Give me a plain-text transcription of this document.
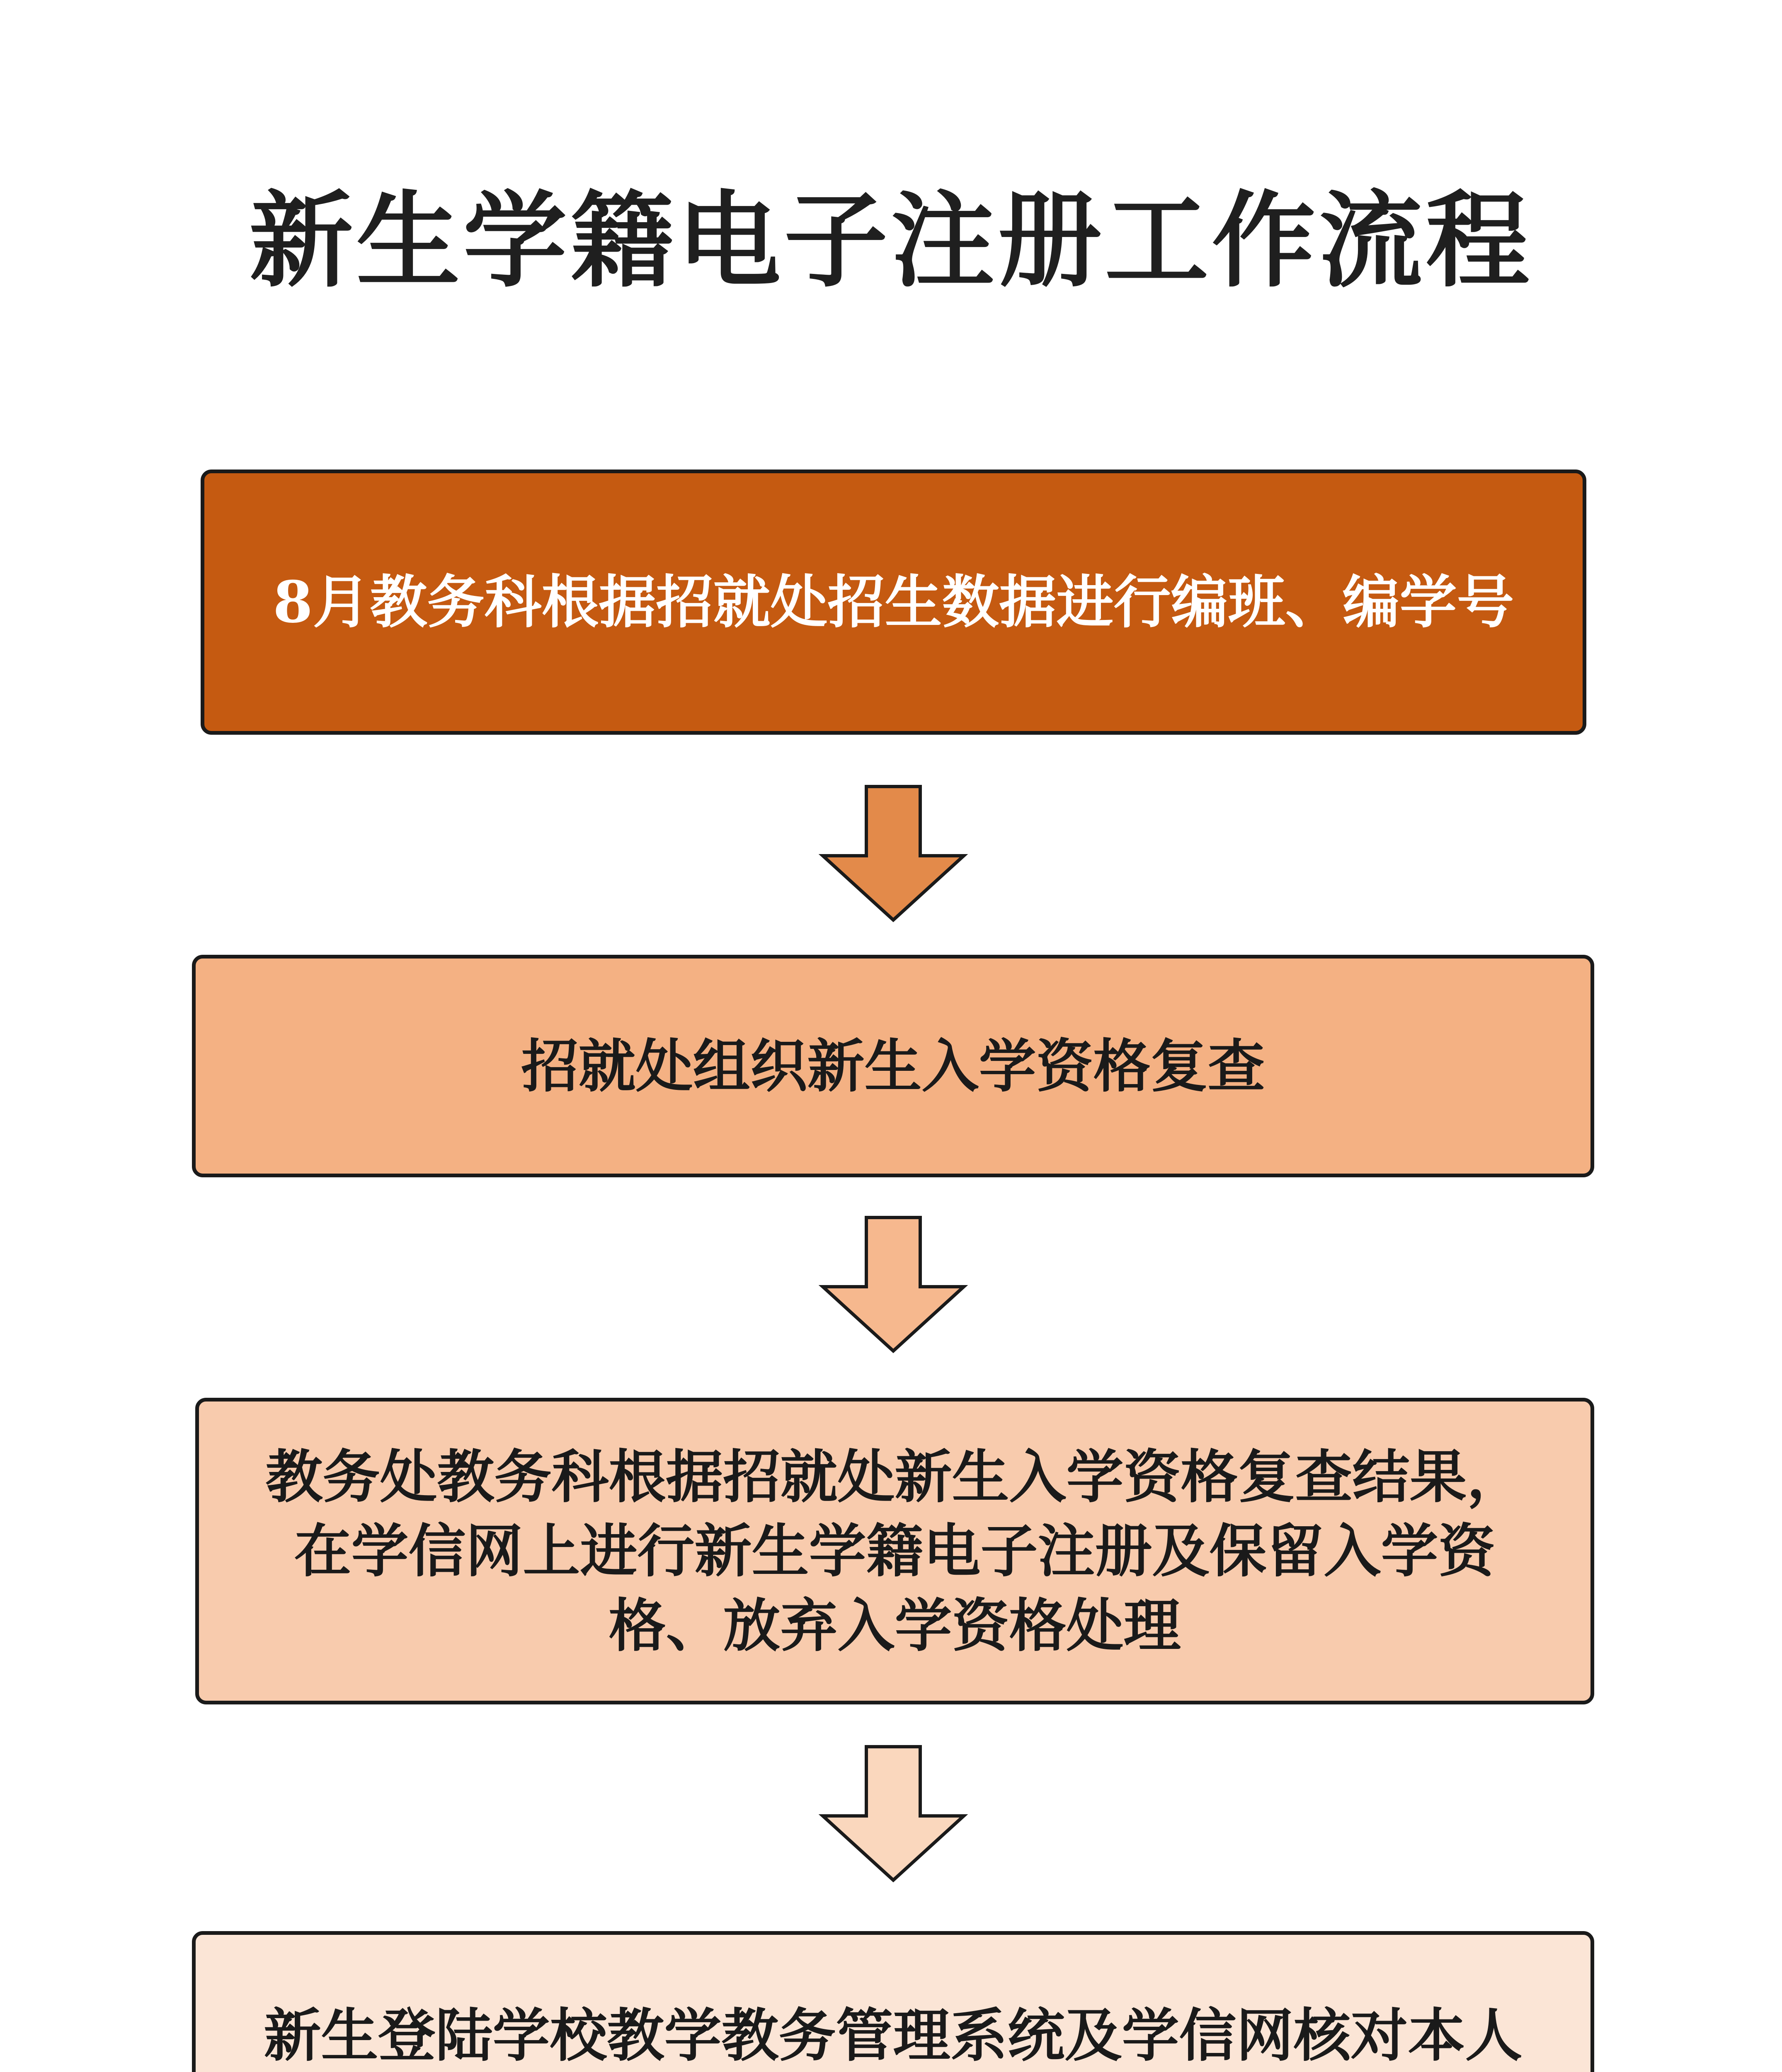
新生学籍电子注册工作流程
8月教务科根据招就处招生数据进行编班、编学号
招就处组织新生入学资格复查
教务处教务科根据招就处新生入学资格复查结果，在学信网上进行新生学籍电子注册及保留入学资格、放弃入学资格处理
新生登陆学校教学教务管理系统及学信网核对本人
